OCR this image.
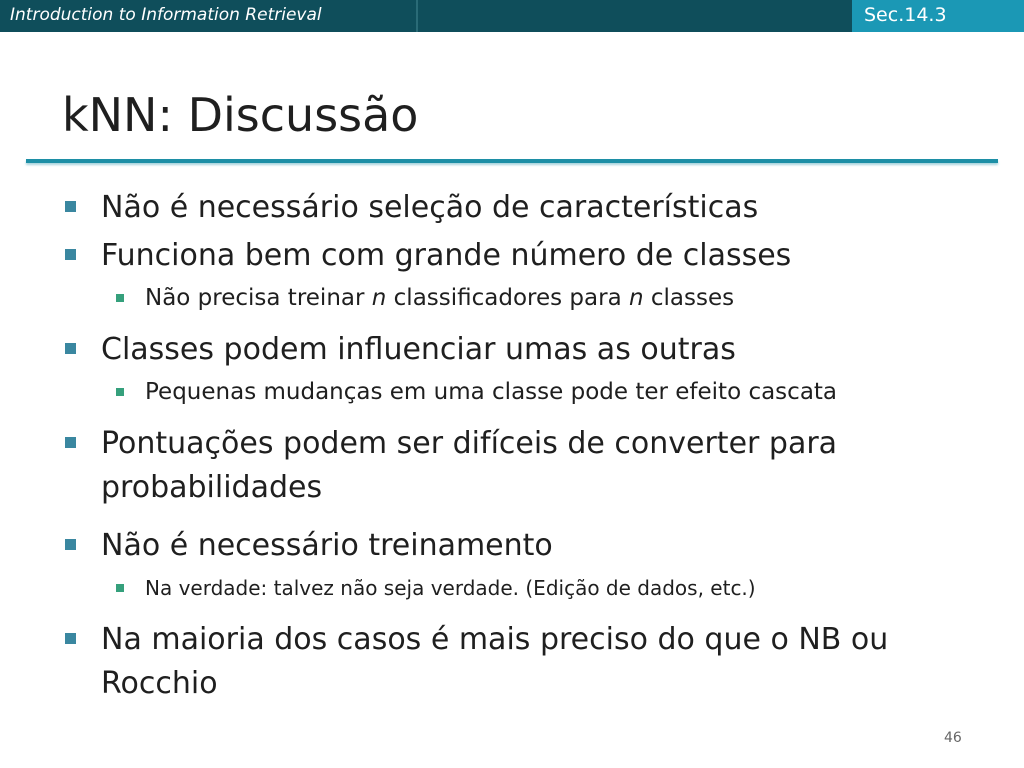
Introduction to Information Retrieval	Sec.14.3
kNN: Discussão
Não é necessário seleção de características
Funciona bem com grande número de classes
Não precisa treinar n classificadores para n classes
Classes podem influenciar umas as outras
Pequenas mudanças em uma classe pode ter efeito cascata
Pontuações podem ser difíceis de converter para probabilidades
Não é necessário treinamento
Na verdade: talvez não seja verdade. (Edição de dados, etc.)
Na maioria dos casos é mais preciso do que o NB ou Rocchio
46
